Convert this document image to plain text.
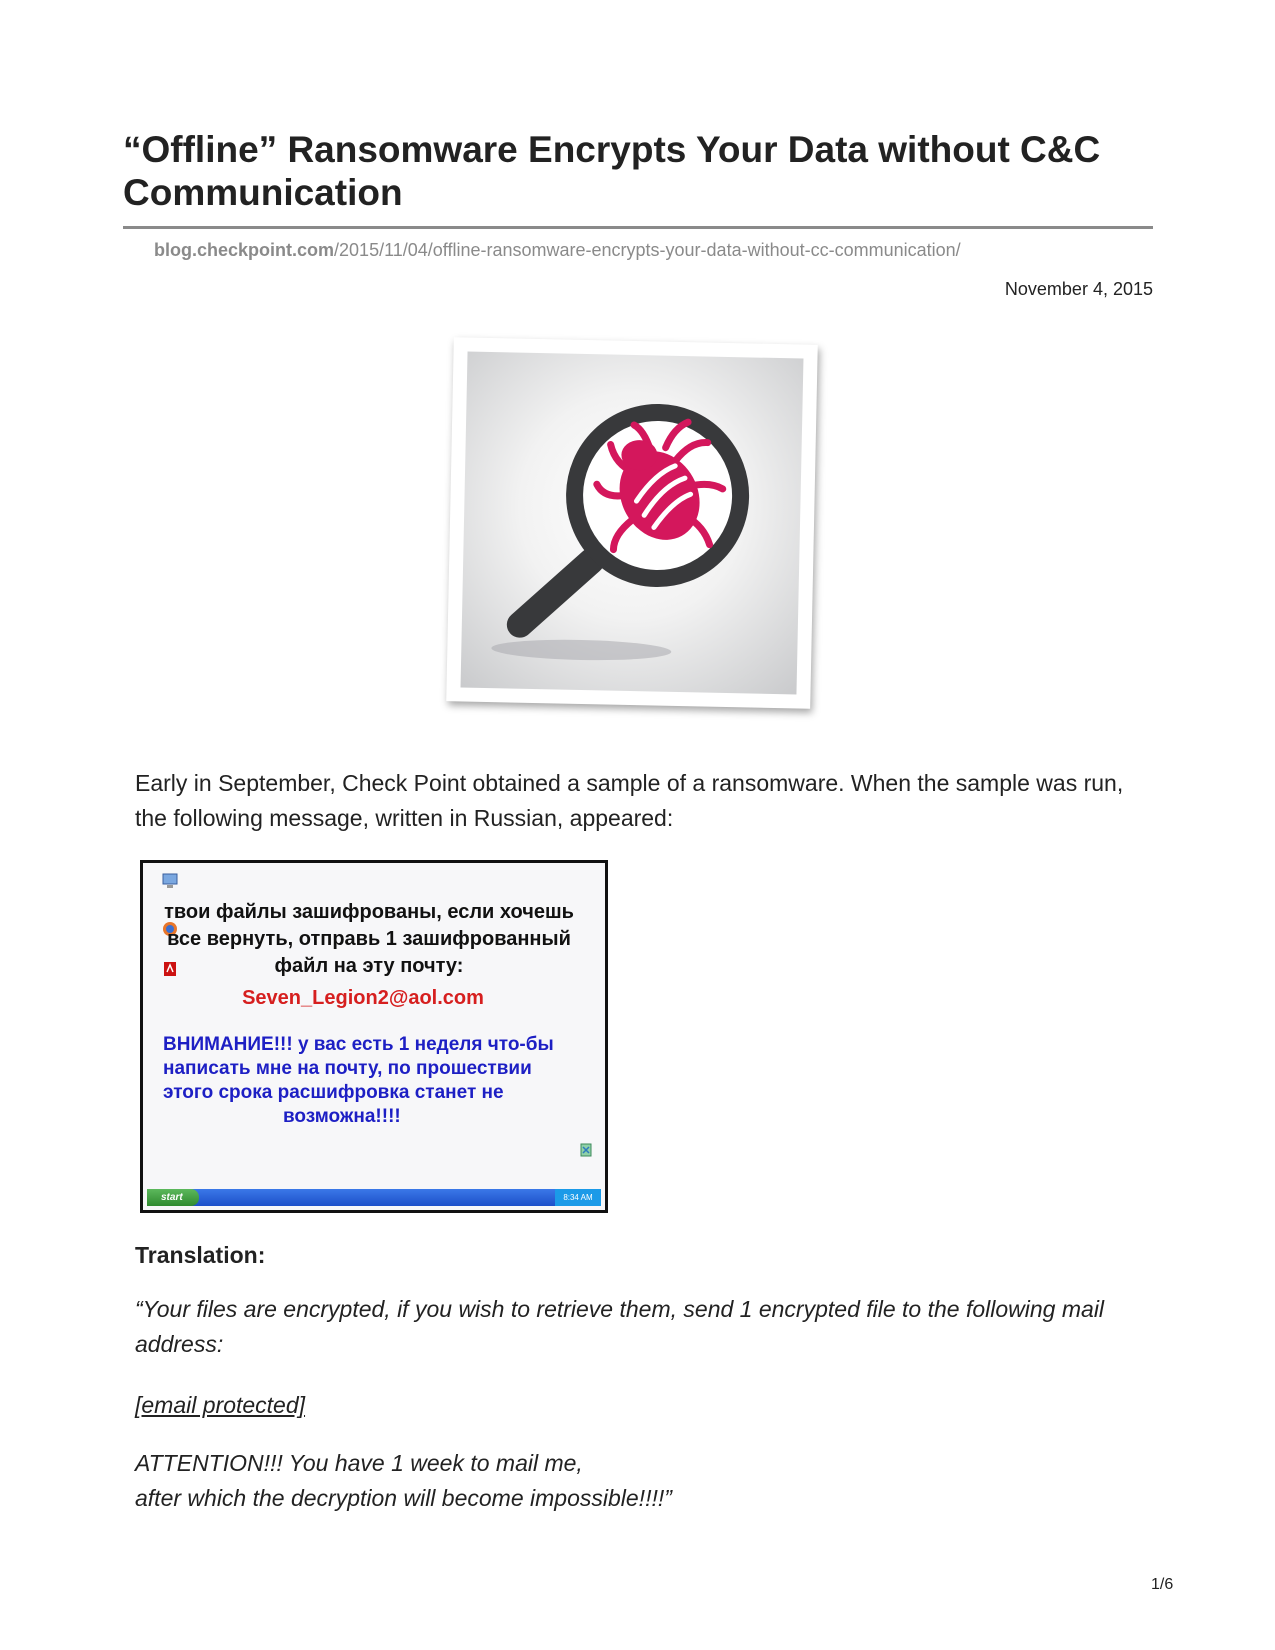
“Offline” Ransomware Encrypts Your Data without C&C Communication
blog.checkpoint.com/2015/11/04/offline-ransomware-encrypts-your-data-without-cc-communication/
November 4, 2015

Early in September, Check Point obtained a sample of a ransomware. When the sample was run, the following message, written in Russian, appeared:

твои файлы зашифрованы, если хочешь все вернуть, отправь 1 зашифрованный файл на эту почту:
Seven_Legion2@aol.com
ВНИМАНИЕ!!! у вас есть 1 неделя что-бы написать мне на почту, по прошествии этого срока расшифровка станет не
возможна!!!!
start	8:34 AM
Translation:

“Your files are encrypted, if you wish to retrieve them, send 1 encrypted file to the following mail address:

[email protected]

ATTENTION!!! You have 1 week to mail me,
after which the decryption will become impossible!!!!”

1/6
